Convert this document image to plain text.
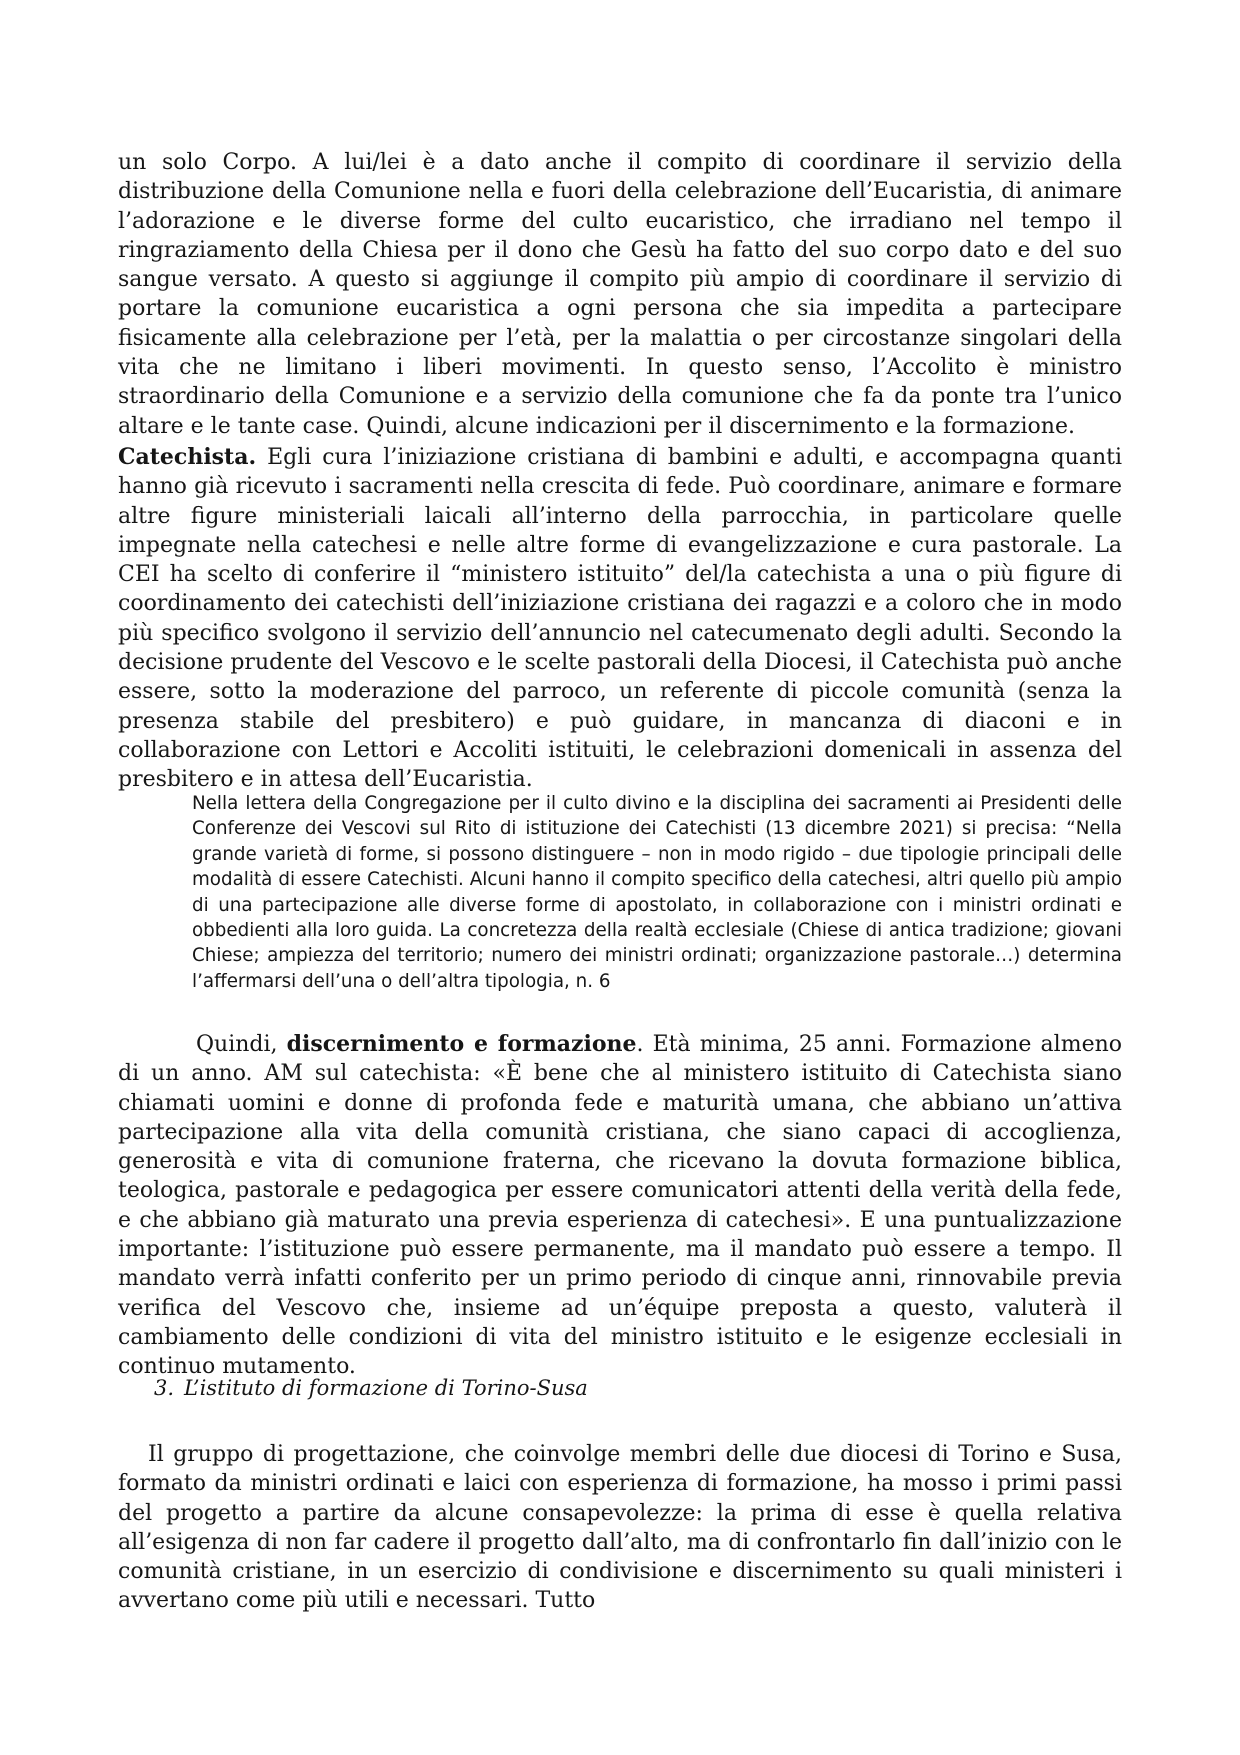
un solo Corpo. A lui/lei è a dato anche il compito di coordinare il servizio della distribuzione della Comunione nella e fuori della celebrazione dell’Eucaristia, di animare l’adorazione e le diverse forme del culto eucaristico, che irradiano nel tempo il ringraziamento della Chiesa per il dono che Gesù ha fatto del suo corpo dato e del suo sangue versato. A questo si aggiunge il compito più ampio di coordinare il servizio di portare la comunione eucaristica a ogni persona che sia impedita a partecipare fisicamente alla celebrazione per l’età, per la malattia o per circostanze singolari della vita che ne limitano i liberi movimenti. In questo senso, l’Accolito è ministro straordinario della Comunione e a servizio della comunione che fa da ponte tra l’unico altare e le tante case. Quindi, alcune indicazioni per il discernimento e la formazione.

Catechista. Egli cura l’iniziazione cristiana di bambini e adulti, e accompagna quanti hanno già ricevuto i sacramenti nella crescita di fede. Può coordinare, animare e formare altre figure ministeriali laicali all’interno della parrocchia, in particolare quelle impegnate nella catechesi e nelle altre forme di evangelizzazione e cura pastorale. La CEI ha scelto di conferire il “ministero istituito” del/la catechista a una o più figure di coordinamento dei catechisti dell’iniziazione cristiana dei ragazzi e a coloro che in modo più specifico svolgono il servizio dell’annuncio nel catecumenato degli adulti. Secondo la decisione prudente del Vescovo e le scelte pastorali della Diocesi, il Catechista può anche essere, sotto la moderazione del parroco, un referente di piccole comunità (senza la presenza stabile del presbitero) e può guidare, in mancanza di diaconi e in collaborazione con Lettori e Accoliti istituiti, le celebrazioni domenicali in assenza del presbitero e in attesa dell’Eucaristia.

Nella lettera della Congregazione per il culto divino e la disciplina dei sacramenti ai Presidenti delle Conferenze dei Vescovi sul Rito di istituzione dei Catechisti (13 dicembre 2021) si precisa: “Nella grande varietà di forme, si possono distinguere – non in modo rigido – due tipologie principali delle modalità di essere Catechisti. Alcuni hanno il compito specifico della catechesi, altri quello più ampio di una partecipazione alle diverse forme di apostolato, in collaborazione con i ministri ordinati e obbedienti alla loro guida. La concretezza della realtà ecclesiale (Chiese di antica tradizione; giovani Chiese; ampiezza del territorio; numero dei ministri ordinati; organizzazione pastorale…) determina l’affermarsi dell’una o dell’altra tipologia, n. 6

Quindi, discernimento e formazione. Età minima, 25 anni. Formazione almeno di un anno. AM sul catechista: «È bene che al ministero istituito di Catechista siano chiamati uomini e donne di profonda fede e maturità umana, che abbiano un’attiva partecipazione alla vita della comunità cristiana, che siano capaci di accoglienza, generosità e vita di comunione fraterna, che ricevano la dovuta formazione biblica, teologica, pastorale e pedagogica per essere comunicatori attenti della verità della fede, e che abbiano già maturato una previa esperienza di catechesi». E una puntualizzazione importante: l’istituzione può essere permanente, ma il mandato può essere a tempo. Il mandato verrà infatti conferito per un primo periodo di cinque anni, rinnovabile previa verifica del Vescovo che, insieme ad un’équipe preposta a questo, valuterà il cambiamento delle condizioni di vita del ministro istituito e le esigenze ecclesiali in continuo mutamento.

3. L’istituto di formazione di Torino-Susa

Il gruppo di progettazione, che coinvolge membri delle due diocesi di Torino e Susa, formato da ministri ordinati e laici con esperienza di formazione, ha mosso i primi passi del progetto a partire da alcune consapevolezze: la prima di esse è quella relativa all’esigenza di non far cadere il progetto dall’alto, ma di confrontarlo fin dall’inizio con le comunità cristiane, in un esercizio di condivisione e discernimento su quali ministeri i avvertano come più utili e necessari. Tutto
